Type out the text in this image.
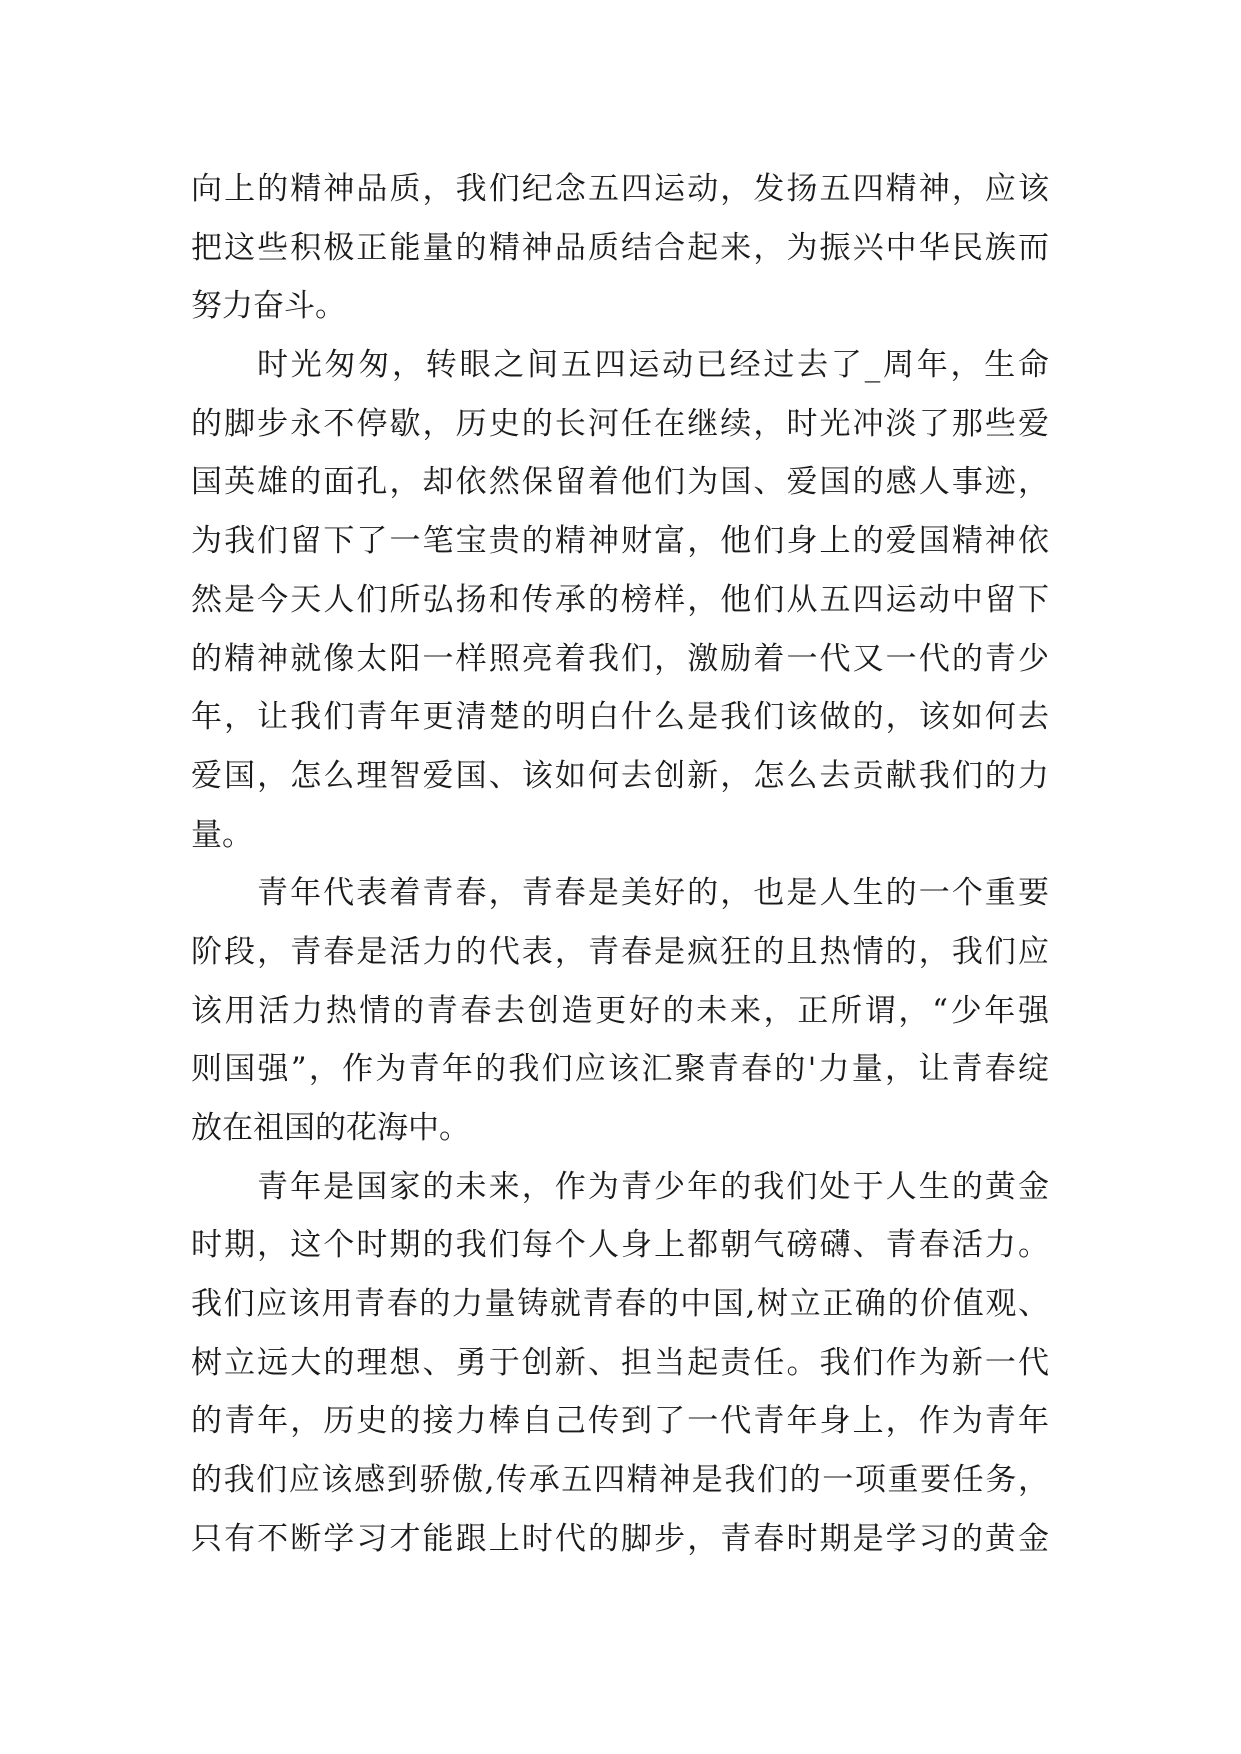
向上的精神品质，我们纪念五四运动，发扬五四精神，应该
把这些积极正能量的精神品质结合起来，为振兴中华民族而
努力奋斗。
时光匆匆，转眼之间五四运动已经过去了_周年，生命
的脚步永不停歇，历史的长河任在继续，时光冲淡了那些爱
国英雄的面孔，却依然保留着他们为国、爱国的感人事迹，
为我们留下了一笔宝贵的精神财富，他们身上的爱国精神依
然是今天人们所弘扬和传承的榜样，他们从五四运动中留下
的精神就像太阳一样照亮着我们，激励着一代又一代的青少
年，让我们青年更清楚的明白什么是我们该做的，该如何去
爱国，怎么理智爱国、该如何去创新，怎么去贡献我们的力
量。
青年代表着青春，青春是美好的，也是人生的一个重要
阶段，青春是活力的代表，青春是疯狂的且热情的，我们应
该用活力热情的青春去创造更好的未来，正所谓，“少年强
则国强”，作为青年的我们应该汇聚青春的'力量，让青春绽
放在祖国的花海中。
青年是国家的未来，作为青少年的我们处于人生的黄金
时期，这个时期的我们每个人身上都朝气磅礴、青春活力。
我们应该用青春的力量铸就青春的中国,树立正确的价值观、
树立远大的理想、勇于创新、担当起责任。我们作为新一代
的青年，历史的接力棒自己传到了一代青年身上，作为青年
的我们应该感到骄傲,传承五四精神是我们的一项重要任务，
只有不断学习才能跟上时代的脚步，青春时期是学习的黄金
